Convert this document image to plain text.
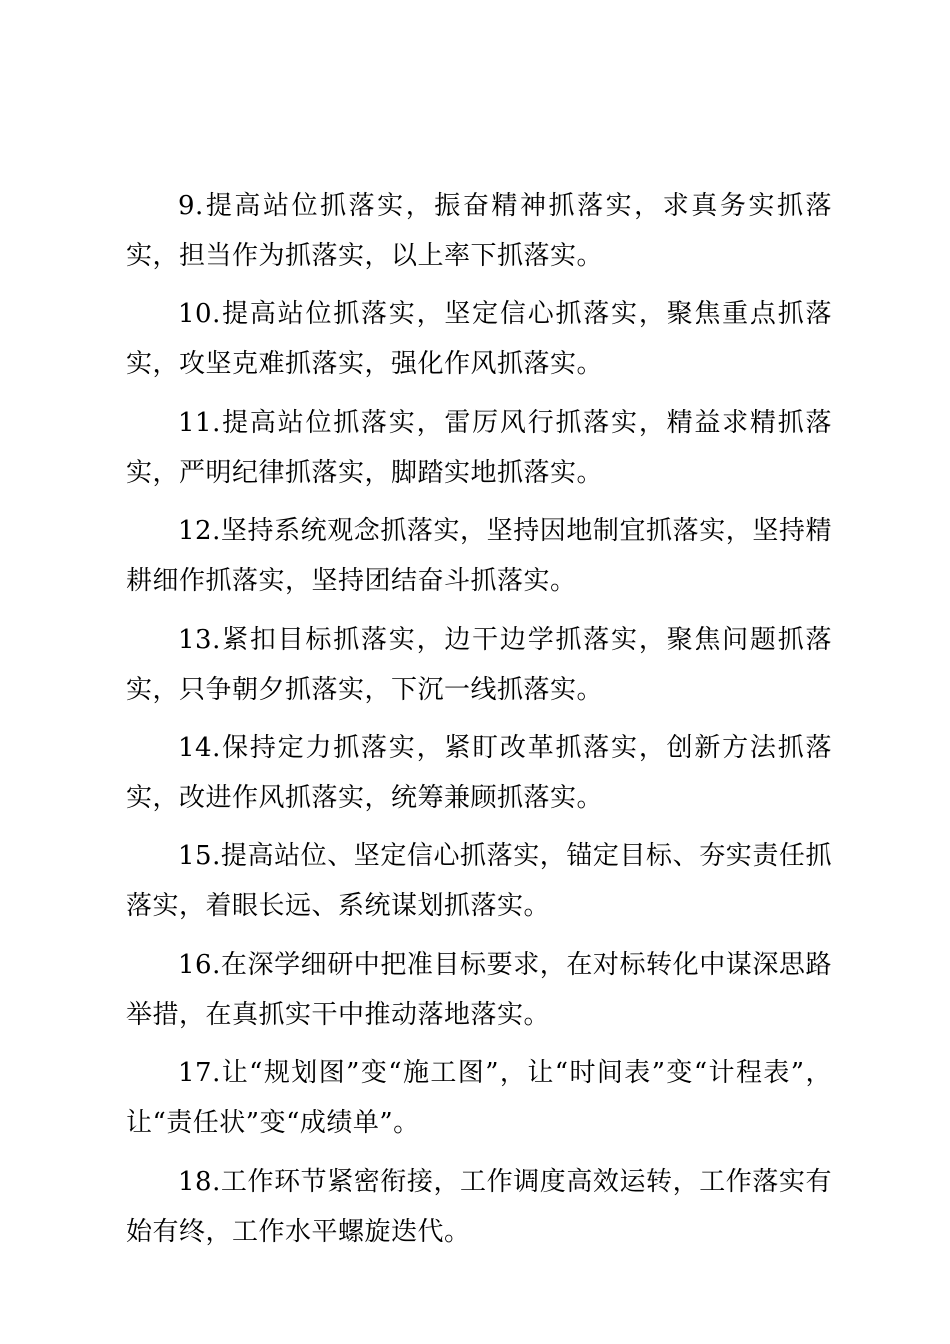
9.提高站位抓落实，振奋精神抓落实，求真务实抓落实，担当作为抓落实，以上率下抓落实。

10.提高站位抓落实，坚定信心抓落实，聚焦重点抓落实，攻坚克难抓落实，强化作风抓落实。

11.提高站位抓落实，雷厉风行抓落实，精益求精抓落实，严明纪律抓落实，脚踏实地抓落实。

12.坚持系统观念抓落实，坚持因地制宜抓落实，坚持精耕细作抓落实，坚持团结奋斗抓落实。

13.紧扣目标抓落实，边干边学抓落实，聚焦问题抓落实，只争朝夕抓落实，下沉一线抓落实。

14.保持定力抓落实，紧盯改革抓落实，创新方法抓落实，改进作风抓落实，统筹兼顾抓落实。

15.提高站位、坚定信心抓落实，锚定目标、夯实责任抓落实，着眼长远、系统谋划抓落实。

16.在深学细研中把准目标要求，在对标转化中谋深思路举措，在真抓实干中推动落地落实。

17.让“规划图”变“施工图”，让“时间表”变“计程表”，让“责任状”变“成绩单”。

18.工作环节紧密衔接，工作调度高效运转，工作落实有始有终，工作水平螺旋迭代。
